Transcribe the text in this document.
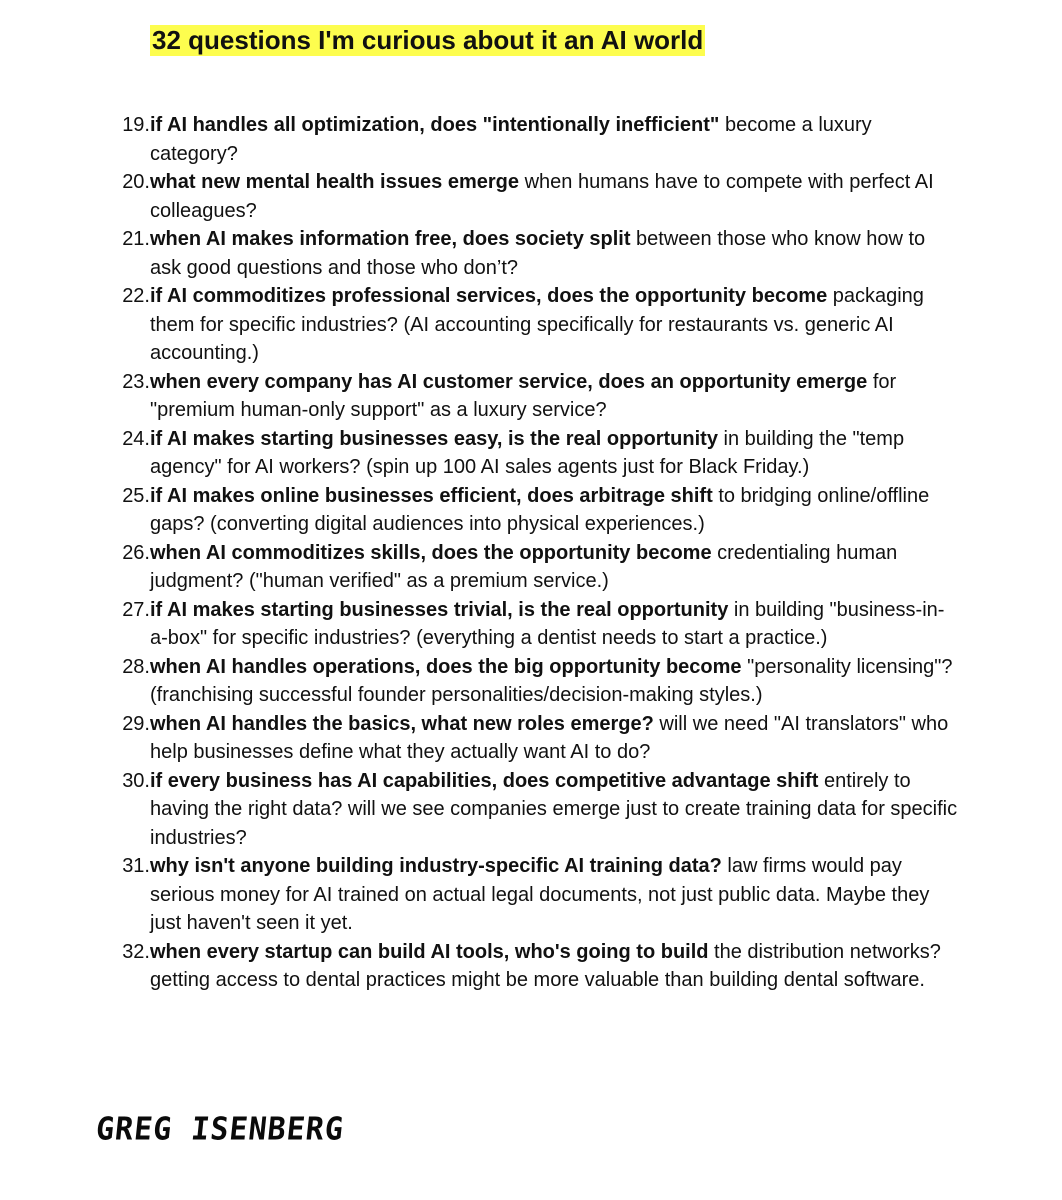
32 questions I'm curious about it an AI world
19. if AI handles all optimization, does "intentionally inefficient" become a luxury category?
20. what new mental health issues emerge when humans have to compete with perfect AI colleagues?
21. when AI makes information free, does society split between those who know how to ask good questions and those who don’t?
22. if AI commoditizes professional services, does the opportunity become packaging them for specific industries? (AI accounting specifically for restaurants vs. generic AI accounting.)
23. when every company has AI customer service, does an opportunity emerge for "premium human-only support" as a luxury service?
24. if AI makes starting businesses easy, is the real opportunity in building the "temp agency" for AI workers? (spin up 100 AI sales agents just for Black Friday.)
25. if AI makes online businesses efficient, does arbitrage shift to bridging online/offline gaps? (converting digital audiences into physical experiences.)
26. when AI commoditizes skills, does the opportunity become credentialing human judgment? ("human verified" as a premium service.)
27. if AI makes starting businesses trivial, is the real opportunity in building "business-in-a-box" for specific industries? (everything a dentist needs to start a practice.)
28. when AI handles operations, does the big opportunity become "personality licensing"? (franchising successful founder personalities/decision-making styles.)
29. when AI handles the basics, what new roles emerge? will we need "AI translators" who help businesses define what they actually want AI to do?
30. if every business has AI capabilities, does competitive advantage shift entirely to having the right data? will we see companies emerge just to create training data for specific industries?
31. why isn't anyone building industry-specific AI training data? law firms would pay serious money for AI trained on actual legal documents, not just public data. Maybe they just haven't seen it yet.
32. when every startup can build AI tools, who's going to build the distribution networks? getting access to dental practices might be more valuable than building dental software.
GREG ISENBERG
